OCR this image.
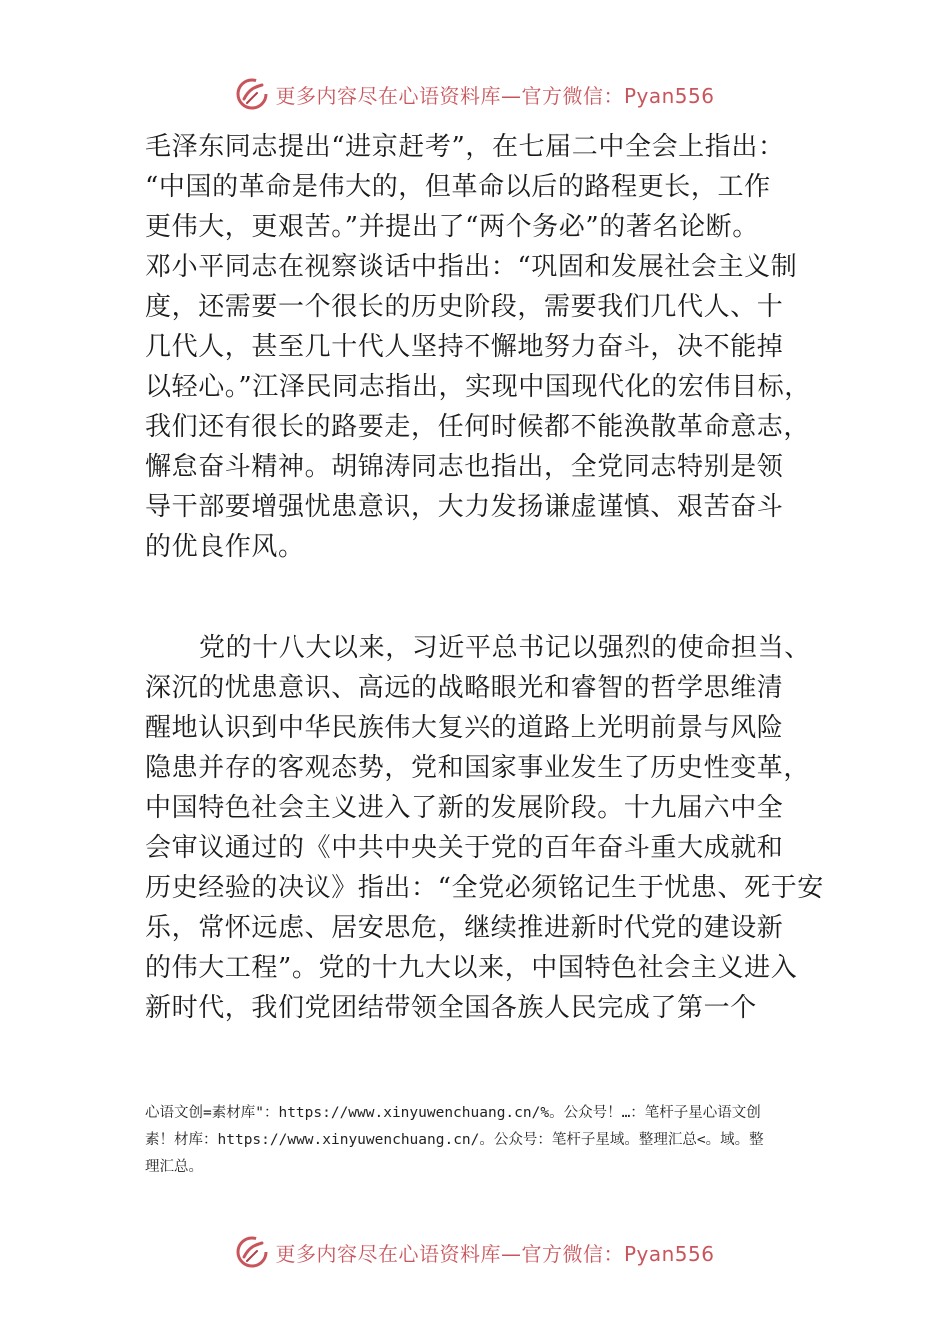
更多内容尽在心语资料库—官方微信：Pyan556
毛泽东同志提出“进京赶考”，在七届二中全会上指出：
“中国的革命是伟大的，但革命以后的路程更长，工作
更伟大，更艰苦。”并提出了“两个务必”的著名论断。
邓小平同志在视察谈话中指出：“巩固和发展社会主义制
度，还需要一个很长的历史阶段，需要我们几代人、十
几代人，甚至几十代人坚持不懈地努力奋斗，决不能掉
以轻心。”江泽民同志指出，实现中国现代化的宏伟目标，
我们还有很长的路要走，任何时候都不能涣散革命意志，
懈怠奋斗精神。胡锦涛同志也指出，全党同志特别是领
导干部要增强忧患意识，大力发扬谦虚谨慎、艰苦奋斗
的优良作风。
党的十八大以来，习近平总书记以强烈的使命担当、
深沉的忧患意识、高远的战略眼光和睿智的哲学思维清
醒地认识到中华民族伟大复兴的道路上光明前景与风险
隐患并存的客观态势，党和国家事业发生了历史性变革，
中国特色社会主义进入了新的发展阶段。十九届六中全
会审议通过的《中共中央关于党的百年奋斗重大成就和
历史经验的决议》指出：“全党必须铭记生于忧患、死于安
乐，常怀远虑、居安思危，继续推进新时代党的建设新
的伟大工程”。党的十九大以来，中国特色社会主义进入
新时代，我们党团结带领全国各族人民完成了第一个
心语文创=素材库"：https://www.xinyuwenchuang.cn/%。公众号！…：笔杆子星心语文创
素！材库：https://www.xinyuwenchuang.cn/。公众号：笔杆子星域。整理汇总<。域。整
理汇总。
更多内容尽在心语资料库—官方微信：Pyan556
